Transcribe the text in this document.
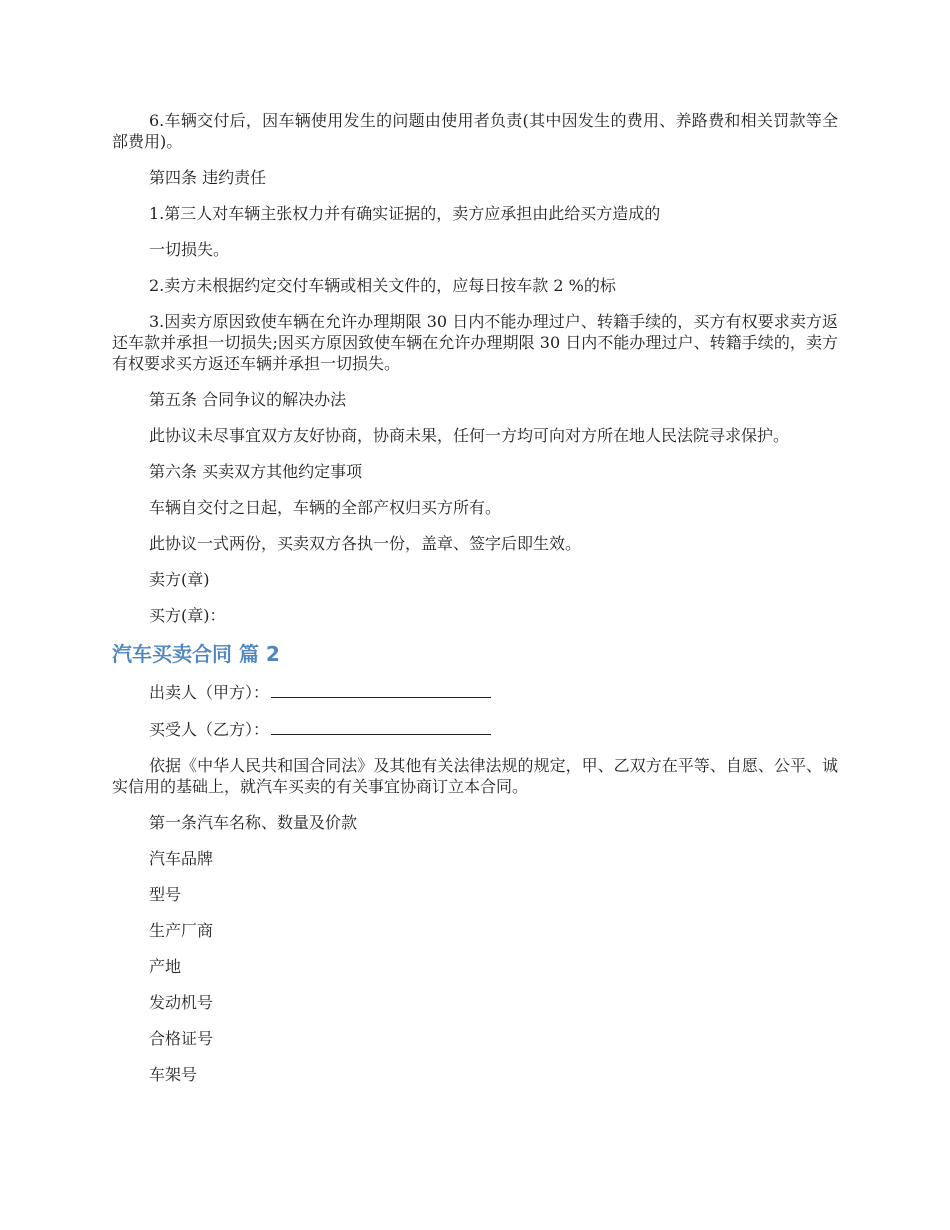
6.车辆交付后，因车辆使用发生的问题由使用者负责(其中因发生的费用、养路费和相关罚款等全部费用)。

第四条 违约责任

1.第三人对车辆主张权力并有确实证据的，卖方应承担由此给买方造成的

一切损失。

2.卖方未根据约定交付车辆或相关文件的，应每日按车款 2 %的标

3.因卖方原因致使车辆在允许办理期限 30 日内不能办理过户、转籍手续的，买方有权要求卖方返还车款并承担一切损失;因买方原因致使车辆在允许办理期限 30 日内不能办理过户、转籍手续的，卖方有权要求买方返还车辆并承担一切损失。

第五条 合同争议的解决办法

此协议未尽事宜双方友好协商，协商未果，任何一方均可向对方所在地人民法院寻求保护。

第六条 买卖双方其他约定事项

车辆自交付之日起，车辆的全部产权归买方所有。

此协议一式两份，买卖双方各执一份，盖章、签字后即生效。

卖方(章)

买方(章)：

汽车买卖合同 篇 2

出卖人（甲方）：

买受人（乙方）：

依据《中华人民共和国合同法》及其他有关法律法规的规定，甲、乙双方在平等、自愿、公平、诚实信用的基础上，就汽车买卖的有关事宜协商订立本合同。

第一条汽车名称、数量及价款

汽车品牌

型号

生产厂商

产地

发动机号

合格证号

车架号
